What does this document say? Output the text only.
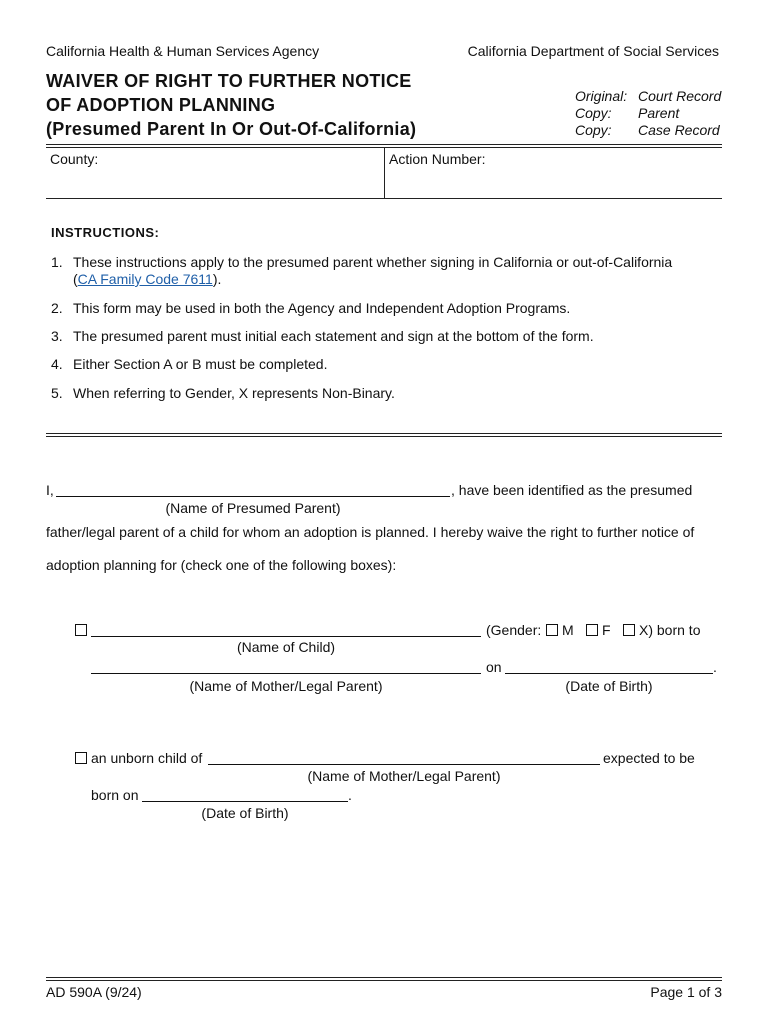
California Health & Human Services Agency	California Department of Social Services
WAIVER OF RIGHT TO FURTHER NOTICE
OF ADOPTION PLANNING
(Presumed Parent In Or Out-Of-California)
Original: Court Record
Copy: Parent
Copy: Case Record
County:	Action Number:
INSTRUCTIONS:
1. These instructions apply to the presumed parent whether signing in California or out-of-California (CA Family Code 7611).
2. This form may be used in both the Agency and Independent Adoption Programs.
3. The presumed parent must initial each statement and sign at the bottom of the form.
4. Either Section A or B must be completed.
5. When referring to Gender, X represents Non-Binary.
I,	, have been identified as the presumed
(Name of Presumed Parent)
father/legal parent of a child for whom an adoption is planned. I hereby waive the right to further notice of
adoption planning for (check one of the following boxes):
(Gender: M F X) born to
(Name of Child)
on	.
(Name of Mother/Legal Parent)	(Date of Birth)
an unborn child of	expected to be
(Name of Mother/Legal Parent)
born on	.
(Date of Birth)
AD 590A (9/24)	Page 1 of 3
